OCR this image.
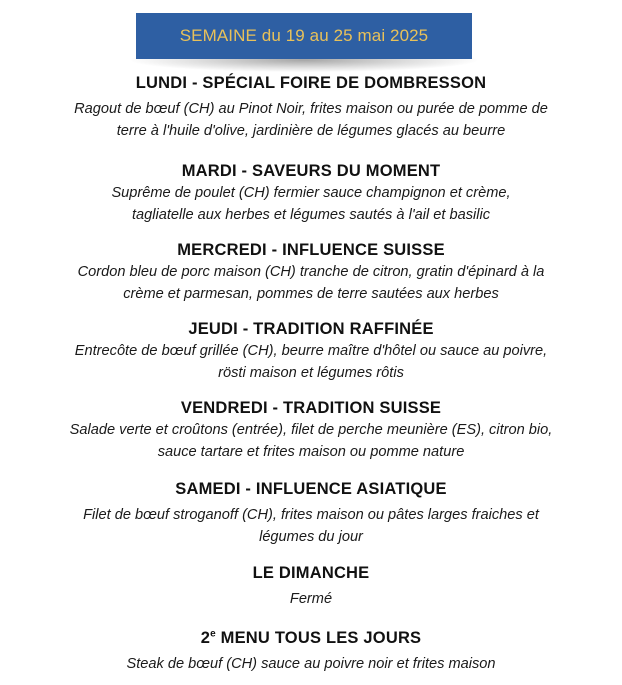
SEMAINE du 19 au 25 mai 2025
LUNDI - SPÉCIAL FOIRE DE DOMBRESSON
Ragout de bœuf (CH) au Pinot Noir, frites maison ou purée de pomme de
terre à l'huile d'olive, jardinière de légumes glacés au beurre
MARDI - SAVEURS DU MOMENT
Suprême de poulet (CH) fermier sauce champignon et crème,
tagliatelle aux herbes et légumes sautés à l'ail et basilic
MERCREDI - INFLUENCE SUISSE
Cordon bleu de porc maison (CH) tranche de citron, gratin d'épinard à la
crème et parmesan, pommes de terre sautées aux herbes
JEUDI - TRADITION RAFFINÉE
Entrecôte de bœuf grillée (CH), beurre maître d'hôtel ou sauce au poivre,
rösti maison et légumes rôtis
VENDREDI - TRADITION SUISSE
Salade verte et croûtons (entrée), filet de perche meunière (ES), citron bio,
sauce tartare et frites maison ou pomme nature
SAMEDI - INFLUENCE ASIATIQUE
Filet de bœuf stroganoff (CH), frites maison ou pâtes larges fraiches et
légumes du jour
LE DIMANCHE
Fermé
2e MENU TOUS LES JOURS
Steak de bœuf (CH) sauce au poivre noir et frites maison
